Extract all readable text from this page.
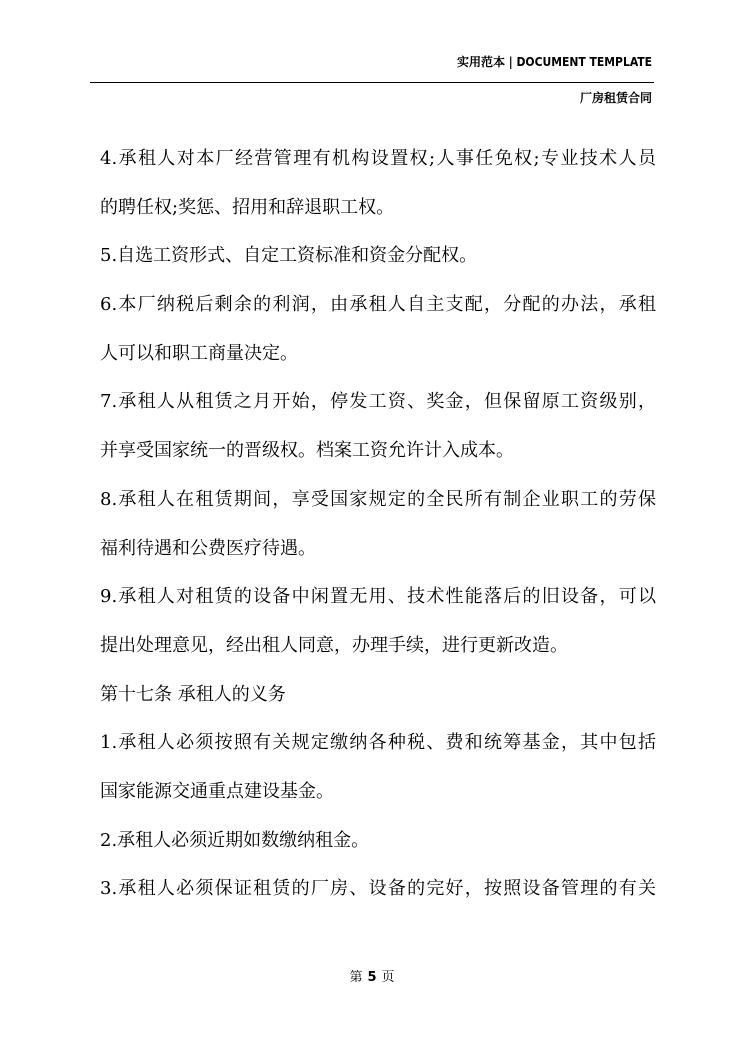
实用范本 | DOCUMENT TEMPLATE
厂房租赁合同
4.承租人对本厂经营管理有机构设置权;人事任免权;专业技术人员
的聘任权;奖惩、招用和辞退职工权。
5.自选工资形式、自定工资标准和资金分配权。
6.本厂纳税后剩余的利润，由承租人自主支配，分配的办法，承租
人可以和职工商量决定。
7.承租人从租赁之月开始，停发工资、奖金，但保留原工资级别，
并享受国家统一的晋级权。档案工资允许计入成本。
8.承租人在租赁期间，享受国家规定的全民所有制企业职工的劳保
福利待遇和公费医疗待遇。
9.承租人对租赁的设备中闲置无用、技术性能落后的旧设备，可以
提出处理意见，经出租人同意，办理手续，进行更新改造。
第十七条 承租人的义务
1.承租人必须按照有关规定缴纳各种税、费和统筹基金，其中包括
国家能源交通重点建设基金。
2.承租人必须近期如数缴纳租金。
3.承租人必须保证租赁的厂房、设备的完好，按照设备管理的有关
第 5 页
